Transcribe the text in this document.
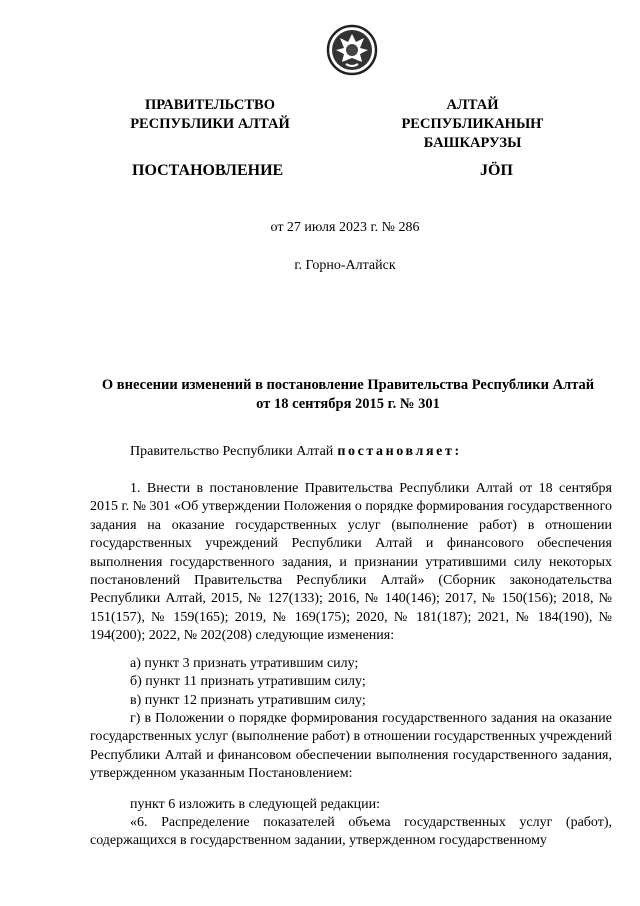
ПРАВИТЕЛЬСТВО
РЕСПУБЛИКИ АЛТАЙ
АЛТАЙ РЕСПУБЛИКАНЫҤ
БАШКАРУЗЫ
ПОСТАНОВЛЕНИЕ	ЈӦП
от 27 июля 2023 г. № 286
г. Горно-Алтайск
О внесении изменений в постановление Правительства Республики Алтай
от 18 сентября 2015 г. № 301
Правительство Республики Алтай постановляет:

1. Внести в постановление Правительства Республики Алтай от 18 сентября 2015 г. № 301 «Об утверждении Положения о порядке формирования государственного задания на оказание государственных услуг (выполнение работ) в отношении государственных учреждений Республики Алтай и финансового обеспечения выполнения государственного задания, и признании утратившими силу некоторых постановлений Правительства Республики Алтай» (Сборник законодательства Республики Алтай, 2015, № 127(133); 2016, № 140(146); 2017, № 150(156); 2018, № 151(157), № 159(165); 2019, № 169(175); 2020, № 181(187); 2021, № 184(190), № 194(200); 2022, № 202(208) следующие изменения:

а) пункт 3 признать утратившим силу;
б) пункт 11 признать утратившим силу;
в) пункт 12 признать утратившим силу;

г) в Положении о порядке формирования государственного задания на оказание государственных услуг (выполнение работ) в отношении государственных учреждений Республики Алтай и финансовом обеспечении выполнения государственного задания, утвержденном указанным Постановлением:

пункт 6 изложить в следующей редакции:

«6. Распределение показателей объема государственных услуг (работ), содержащихся в государственном задании, утвержденном государственному
